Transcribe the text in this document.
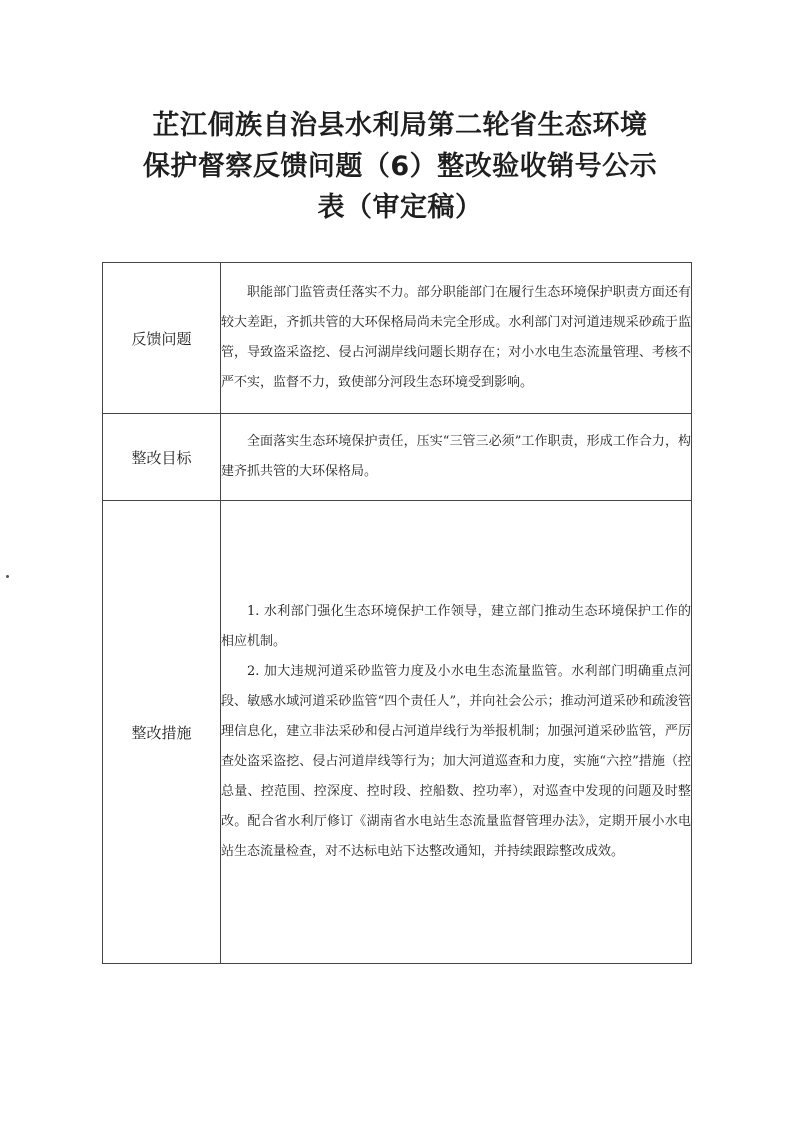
芷江侗族自治县水利局第二轮省生态环境
保护督察反馈问题（6）整改验收销号公示
表（审定稿）
反馈问题	职能部门监管责任落实不力。部分职能部门在履行生态环境保护职责方面还有较大差距，齐抓共管的大环保格局尚未完全形成。水利部门对河道违规采砂疏于监管，导致盗采盗挖、侵占河湖岸线问题长期存在；对小水电生态流量管理、考核不严不实，监督不力，致使部分河段生态环境受到影响。

整改目标	全面落实生态环境保护责任，压实“三管三必须”工作职责，形成工作合力，构建齐抓共管的大环保格局。

整改措施	1. 水利部门强化生态环境保护工作领导，建立部门推动生态环境保护工作的相应机制。

2. 加大违规河道采砂监管力度及小水电生态流量监管。水利部门明确重点河段、敏感水域河道采砂监管“四个责任人”，并向社会公示；推动河道采砂和疏浚管理信息化，建立非法采砂和侵占河道岸线行为举报机制；加强河道采砂监管，严厉查处盗采盗挖、侵占河道岸线等行为；加大河道巡查和力度，实施“六控”措施（控总量、控范围、控深度、控时段、控船数、控功率），对巡查中发现的问题及时整改。配合省水利厅修订《湖南省水电站生态流量监督管理办法》，定期开展小水电站生态流量检查，对不达标电站下达整改通知，并持续跟踪整改成效。
